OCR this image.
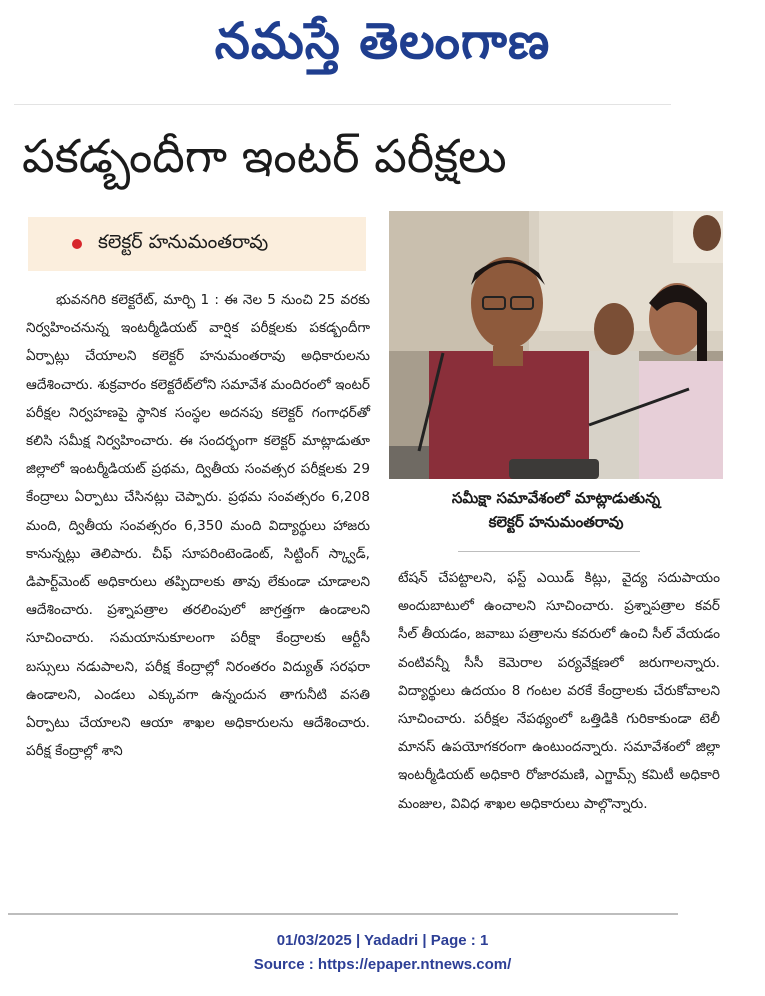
నమస్తే తెలంగాణ
పకడ్బందీగా ఇంటర్ పరీక్షలు
కలెక్టర్ హనుమంతరావు

భువనగిరి కలెక్టరేట్, మార్చి 1 : ఈ నెల 5 నుంచి 25 వరకు నిర్వహించనున్న ఇంటర్మీడియట్ వార్షిక పరీక్షలకు పకడ్బందీగా ఏర్పాట్లు చేయాలని కలెక్టర్ హనుమంతరావు అధికారులను ఆదేశించారు. శుక్రవారం కలెక్టరేట్‌లోని సమావేశ మందిరంలో ఇంటర్ పరీక్షల నిర్వహణపై స్థానిక సంస్థల అదనపు కలెక్టర్ గంగాధర్‌తో కలిసి సమీక్ష నిర్వహించారు. ఈ సందర్భంగా కలెక్టర్ మాట్లాడుతూ జిల్లాలో ఇంటర్మీడియట్ ప్రథమ, ద్వితీయ సంవత్సర పరీక్షలకు 29 కేంద్రాలు ఏర్పాటు చేసినట్లు చెప్పారు. ప్రథమ సంవత్సరం 6,208 మంది, ద్వితీయ సంవత్సరం 6,350 మంది విద్యార్థులు హాజరు కానున్నట్లు తెలిపారు. చీఫ్ సూపరింటెండెంట్, సిట్టింగ్ స్క్వాడ్, డిపార్ట్‌మెంట్ అధికారులు తప్పిదాలకు తావు లేకుండా చూడాలని ఆదేశించారు. ప్రశ్నాపత్రాల తరలింపులో జాగ్రత్తగా ఉండాలని సూచించారు. సమయానుకూలంగా పరీక్షా కేంద్రాలకు ఆర్టీసీ బస్సులు నడుపాలని, పరీక్ష కేంద్రాల్లో నిరంతరం విద్యుత్ సరఫరా ఉండాలని, ఎండలు ఎక్కువగా ఉన్నందున తాగునీటి వసతి ఏర్పాటు చేయాలని ఆయా శాఖల అధికారులను ఆదేశించారు. పరీక్ష కేంద్రాల్లో శాని

సమీక్షా సమావేశంలో మాట్లాడుతున్న
కలెక్టర్ హనుమంతరావు

టేషన్ చేపట్టాలని, ఫస్ట్ ఎయిడ్ కిట్లు, వైద్య సదుపాయం అందుబాటులో ఉంచాలని సూచించారు. ప్రశ్నాపత్రాల కవర్ సీల్ తీయడం, జవాబు పత్రాలను కవరులో ఉంచి సీల్ వేయడం వంటివన్నీ సీసీ కెమెరాల పర్యవేక్షణలో జరుగాలన్నారు. విద్యార్థులు ఉదయం 8 గంటల వరకే కేంద్రాలకు చేరుకోవాలని సూచించారు. పరీక్షల నేపథ్యంలో ఒత్తిడికి గురికాకుండా టెలీ మానస్ ఉపయోగకరంగా ఉంటుందన్నారు. సమావేశంలో జిల్లా ఇంటర్మీడియట్ అధికారి రోజారమణి, ఎగ్జామ్స్ కమిటీ అధికారి మంజుల, వివిధ శాఖల అధికారులు పాల్గొన్నారు.

01/03/2025 | Yadadri | Page : 1
Source : https://epaper.ntnews.com/
